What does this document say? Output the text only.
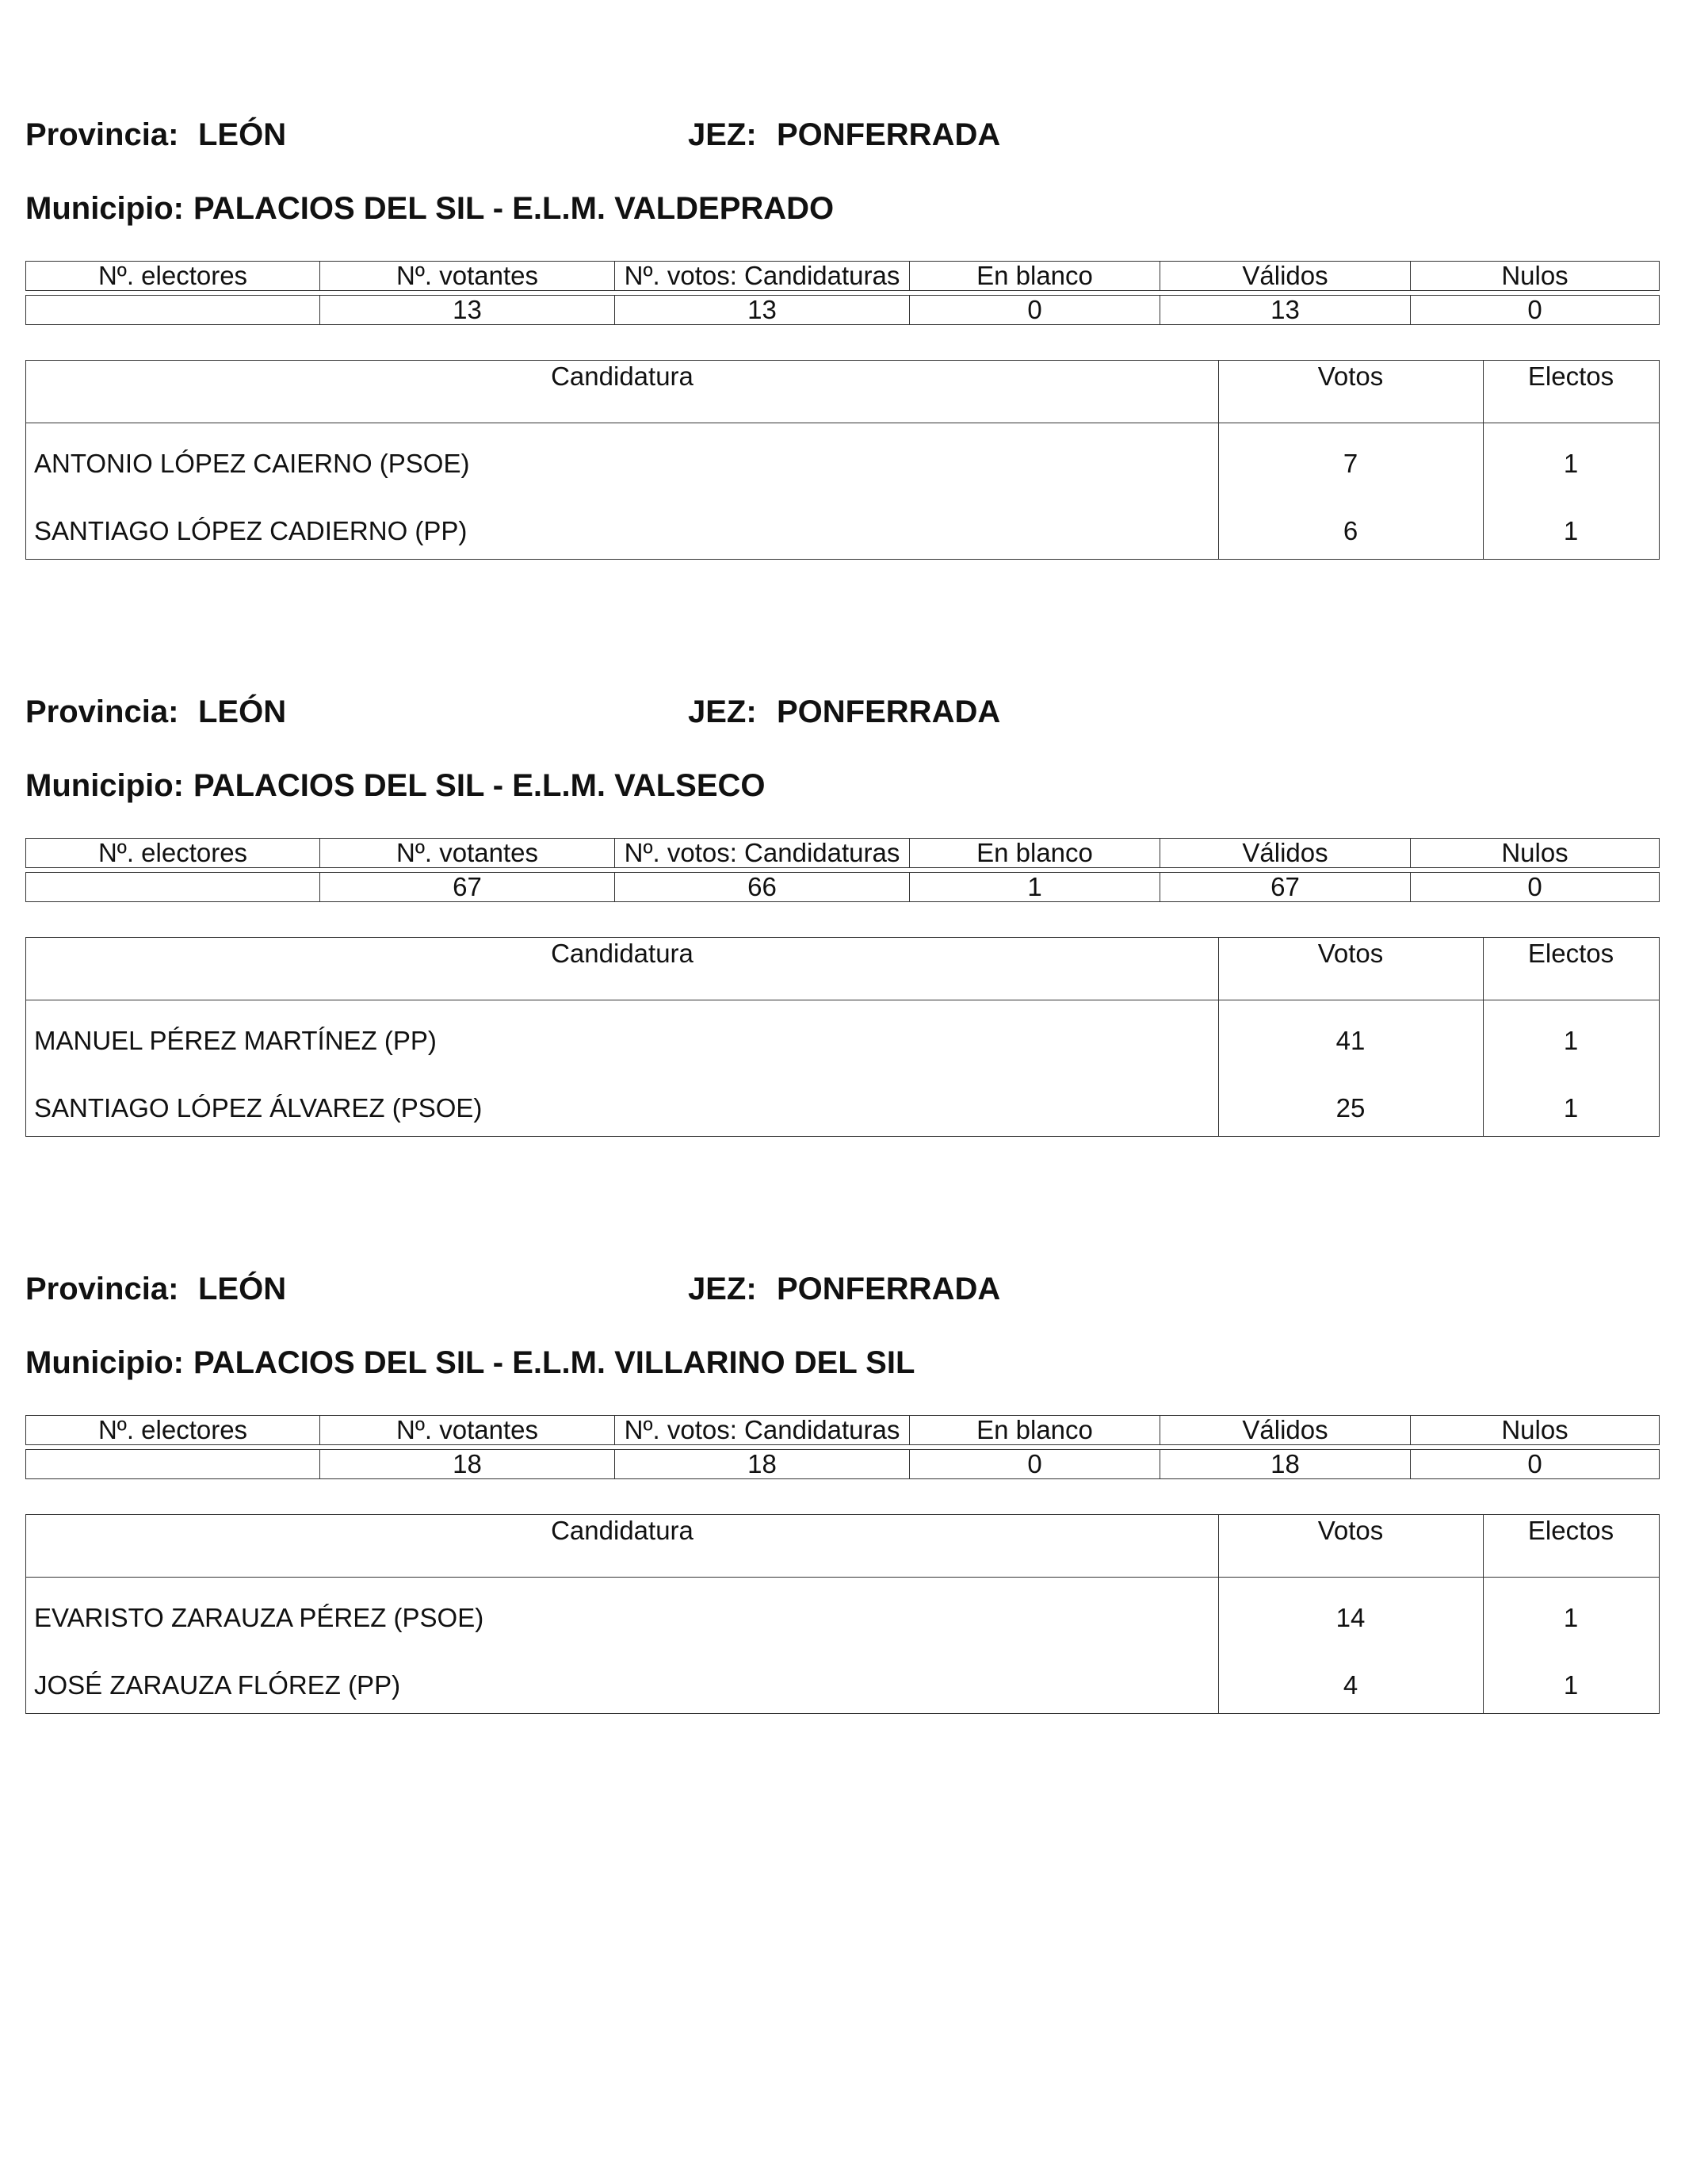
Provincia: LEÓN	JEZ: PONFERRADA
Municipio: PALACIOS DEL SIL - E.L.M. VALDEPRADO
Nº. electores	Nº. votantes	Nº. votos: Candidaturas	En blanco	Válidos	Nulos
	13	13	0	13	0
Candidatura	Votos	Electos
ANTONIO LÓPEZ CAIERNO (PSOE)	7	1
SANTIAGO LÓPEZ CADIERNO (PP)	6	1
Provincia: LEÓN	JEZ: PONFERRADA
Municipio: PALACIOS DEL SIL - E.L.M. VALSECO
Nº. electores	Nº. votantes	Nº. votos: Candidaturas	En blanco	Válidos	Nulos
	67	66	1	67	0
Candidatura	Votos	Electos
MANUEL PÉREZ MARTÍNEZ (PP)	41	1
SANTIAGO LÓPEZ ÁLVAREZ (PSOE)	25	1
Provincia: LEÓN	JEZ: PONFERRADA
Municipio: PALACIOS DEL SIL - E.L.M. VILLARINO DEL SIL
Nº. electores	Nº. votantes	Nº. votos: Candidaturas	En blanco	Válidos	Nulos
	18	18	0	18	0
Candidatura	Votos	Electos
EVARISTO ZARAUZA PÉREZ (PSOE)	14	1
JOSÉ ZARAUZA FLÓREZ (PP)	4	1
